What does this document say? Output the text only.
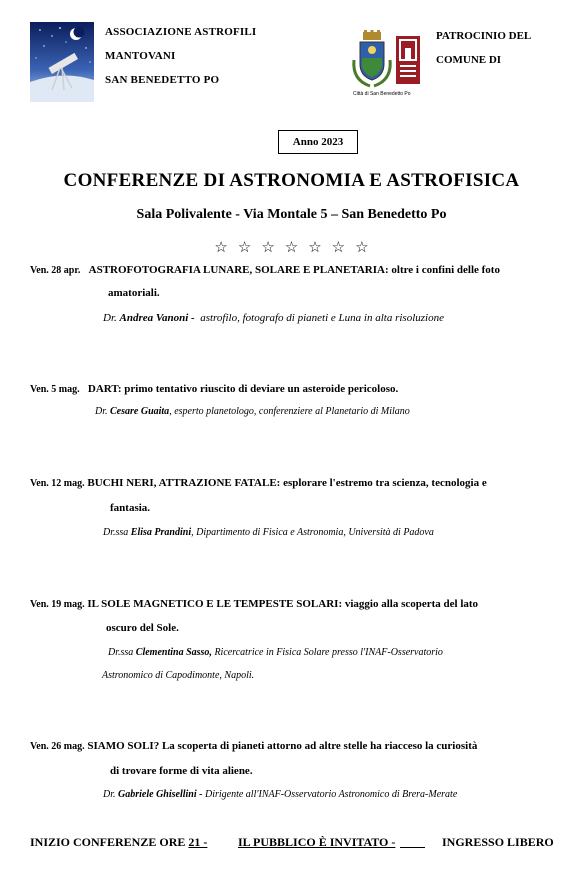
ASSOCIAZIONE ASTROFILI
MANTOVANI
SAN BENEDETTO PO
Città di San Benedetto Po
PATROCINIO DEL
COMUNE DI
Anno 2023
CONFERENZE DI ASTRONOMIA E ASTROFISICA
Sala Polivalente - Via Montale 5 – San Benedetto Po
☆☆☆☆☆☆☆
Ven. 28 apr. ASTROFOTOGRAFIA LUNARE, SOLARE E PLANETARIA: oltre i confini delle foto
amatoriali.
Dr. Andrea Vanoni - astrofilo, fotografo di pianeti e Luna in alta risoluzione
Ven. 5 mag. DART: primo tentativo riuscito di deviare un asteroide pericoloso.
Dr. Cesare Guaita, esperto planetologo, conferenziere al Planetario di Milano
Ven. 12 mag. BUCHI NERI, ATTRAZIONE FATALE: esplorare l'estremo tra scienza, tecnologia e
fantasia.
Dr.ssa Elisa Prandini, Dipartimento di Fisica e Astronomia, Università di Padova
Ven. 19 mag. IL SOLE MAGNETICO E LE TEMPESTE SOLARI: viaggio alla scoperta del lato
oscuro del Sole.
Dr.ssa Clementina Sasso, Ricercatrice in Fisica Solare presso l'INAF-Osservatorio
Astronomico di Capodimonte, Napoli.
Ven. 26 mag. SIAMO SOLI? La scoperta di pianeti attorno ad altre stelle ha riacceso la curiosità
di trovare forme di vita aliene.
Dr. Gabriele Ghisellini - Dirigente all'INAF-Osservatorio Astronomico di Brera-Merate
INIZIO CONFERENZE ORE 21 -	IL PUBBLICO È INVITATO -	INGRESSO LIBERO
